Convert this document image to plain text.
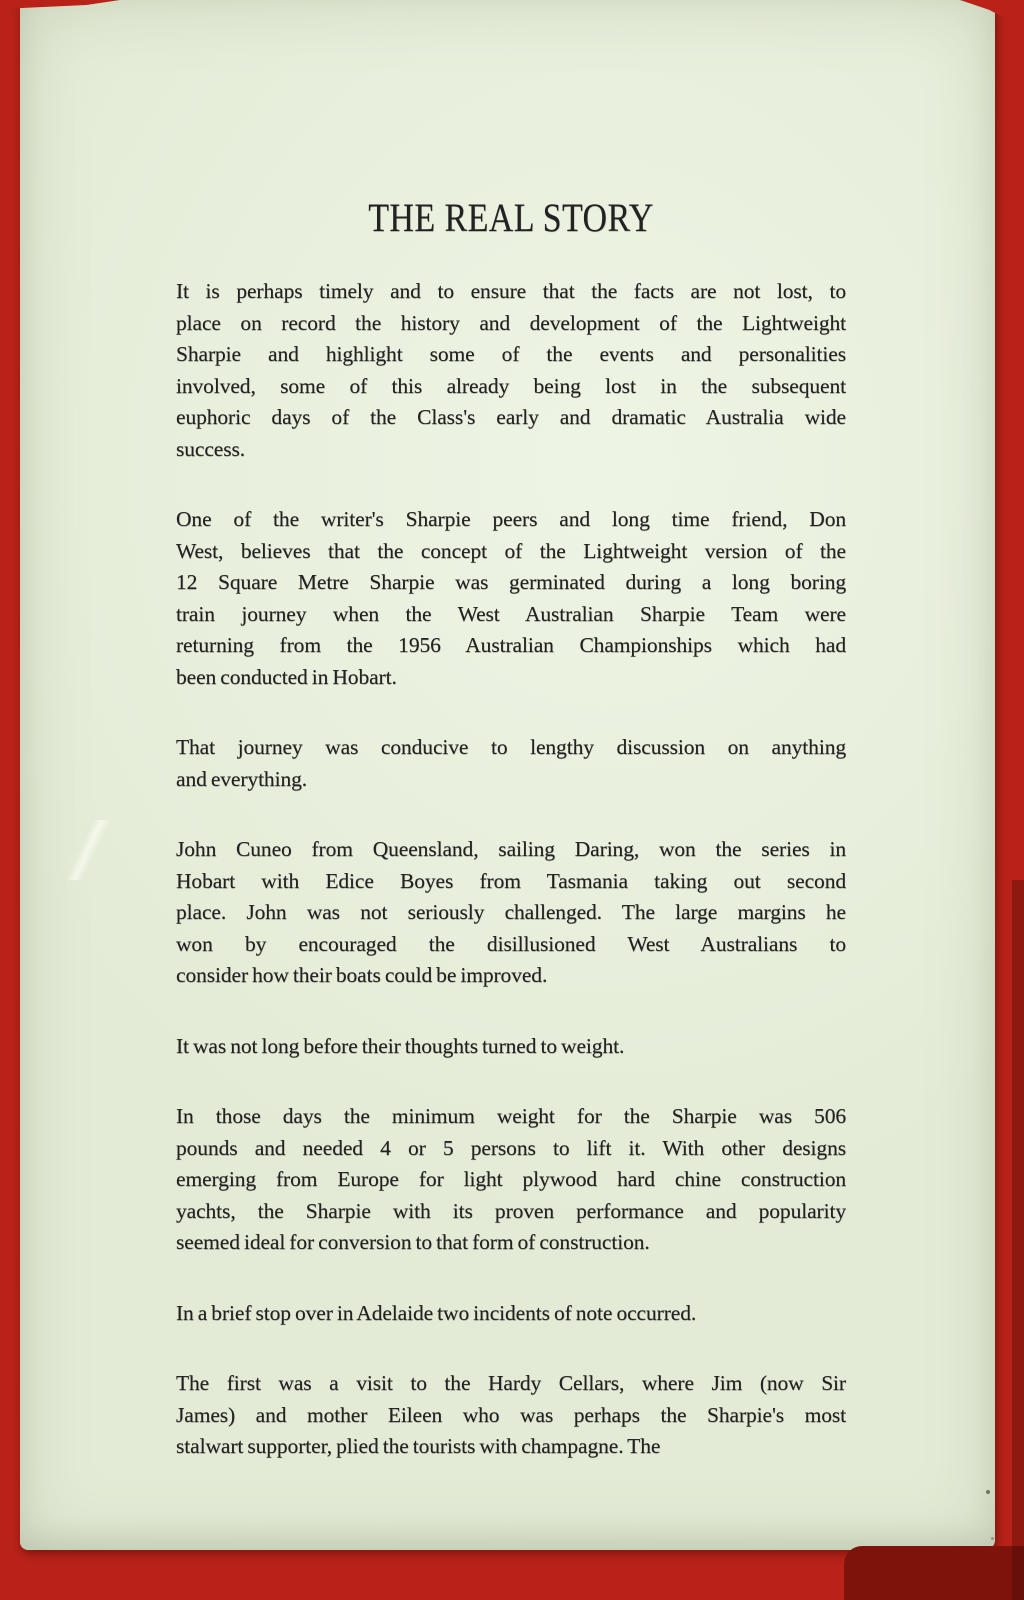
THE REAL STORY
It is perhaps timely and to ensure that the facts are not lost, to
place on record the history and development of the Lightweight
Sharpie and highlight some of the events and personalities
involved, some of this already being lost in the subsequent
euphoric days of the Class's early and dramatic Australia wide
success.
One of the writer's Sharpie peers and long time friend, Don
West, believes that the concept of the Lightweight version of the
12 Square Metre Sharpie was germinated during a long boring
train journey when the West Australian Sharpie Team were
returning from the 1956 Australian Championships which had
been conducted in Hobart.
That journey was conducive to lengthy discussion on anything
and everything.
John Cuneo from Queensland, sailing Daring, won the series in
Hobart with Edice Boyes from Tasmania taking out second
place. John was not seriously challenged. The large margins he
won by encouraged the disillusioned West Australians to
consider how their boats could be improved.
It was not long before their thoughts turned to weight.
In those days the minimum weight for the Sharpie was 506
pounds and needed 4 or 5 persons to lift it. With other designs
emerging from Europe for light plywood hard chine construction
yachts, the Sharpie with its proven performance and popularity
seemed ideal for conversion to that form of construction.
In a brief stop over in Adelaide two incidents of note occurred.
The first was a visit to the Hardy Cellars, where Jim (now Sir
James) and mother Eileen who was perhaps the Sharpie's most
stalwart supporter, plied the tourists with champagne. The
